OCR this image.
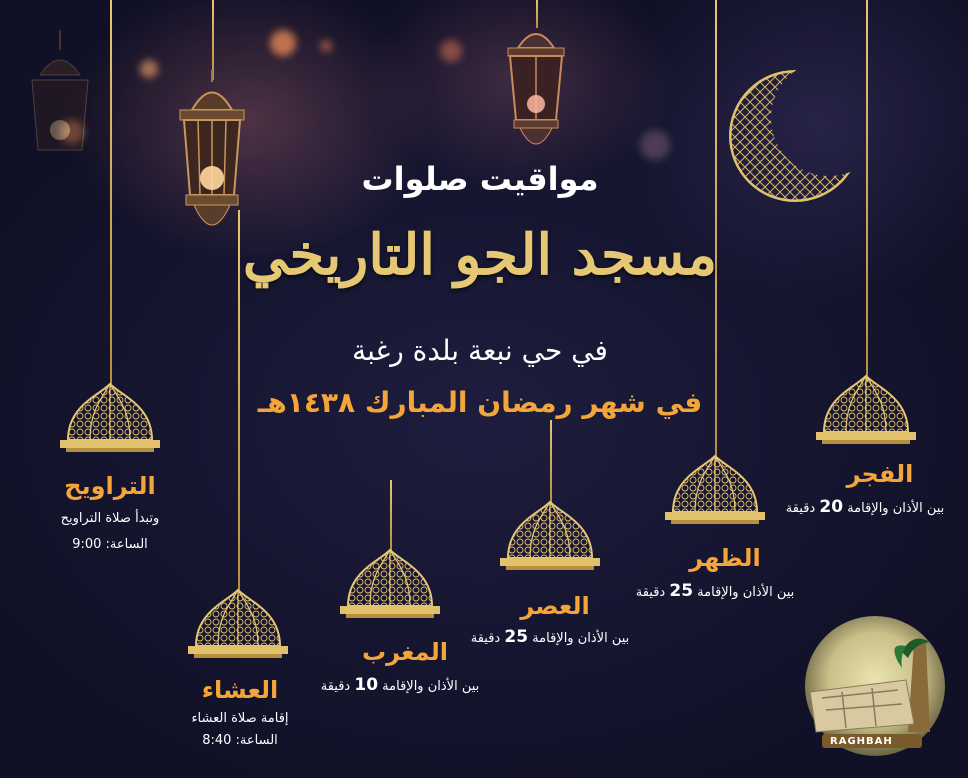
مواقيت صلوات
مسجد الجو التاريخي
في حي نبعة بلدة رغبة
في شهر رمضان المبارك ١٤٣٨هـ
الفجر
بين الأذان والإقامة 20 دقيقة
الظهر
بين الأذان والإقامة 25 دقيقة
العصر
بين الأذان والإقامة 25 دقيقة
المغرب
بين الأذان والإقامة 10 دقيقة
العشاء
إقامة صلاة العشاء
الساعة: 8:40
التراويح
وتبدأ صلاة التراويح
الساعة: 9:00
RAGHBAH
